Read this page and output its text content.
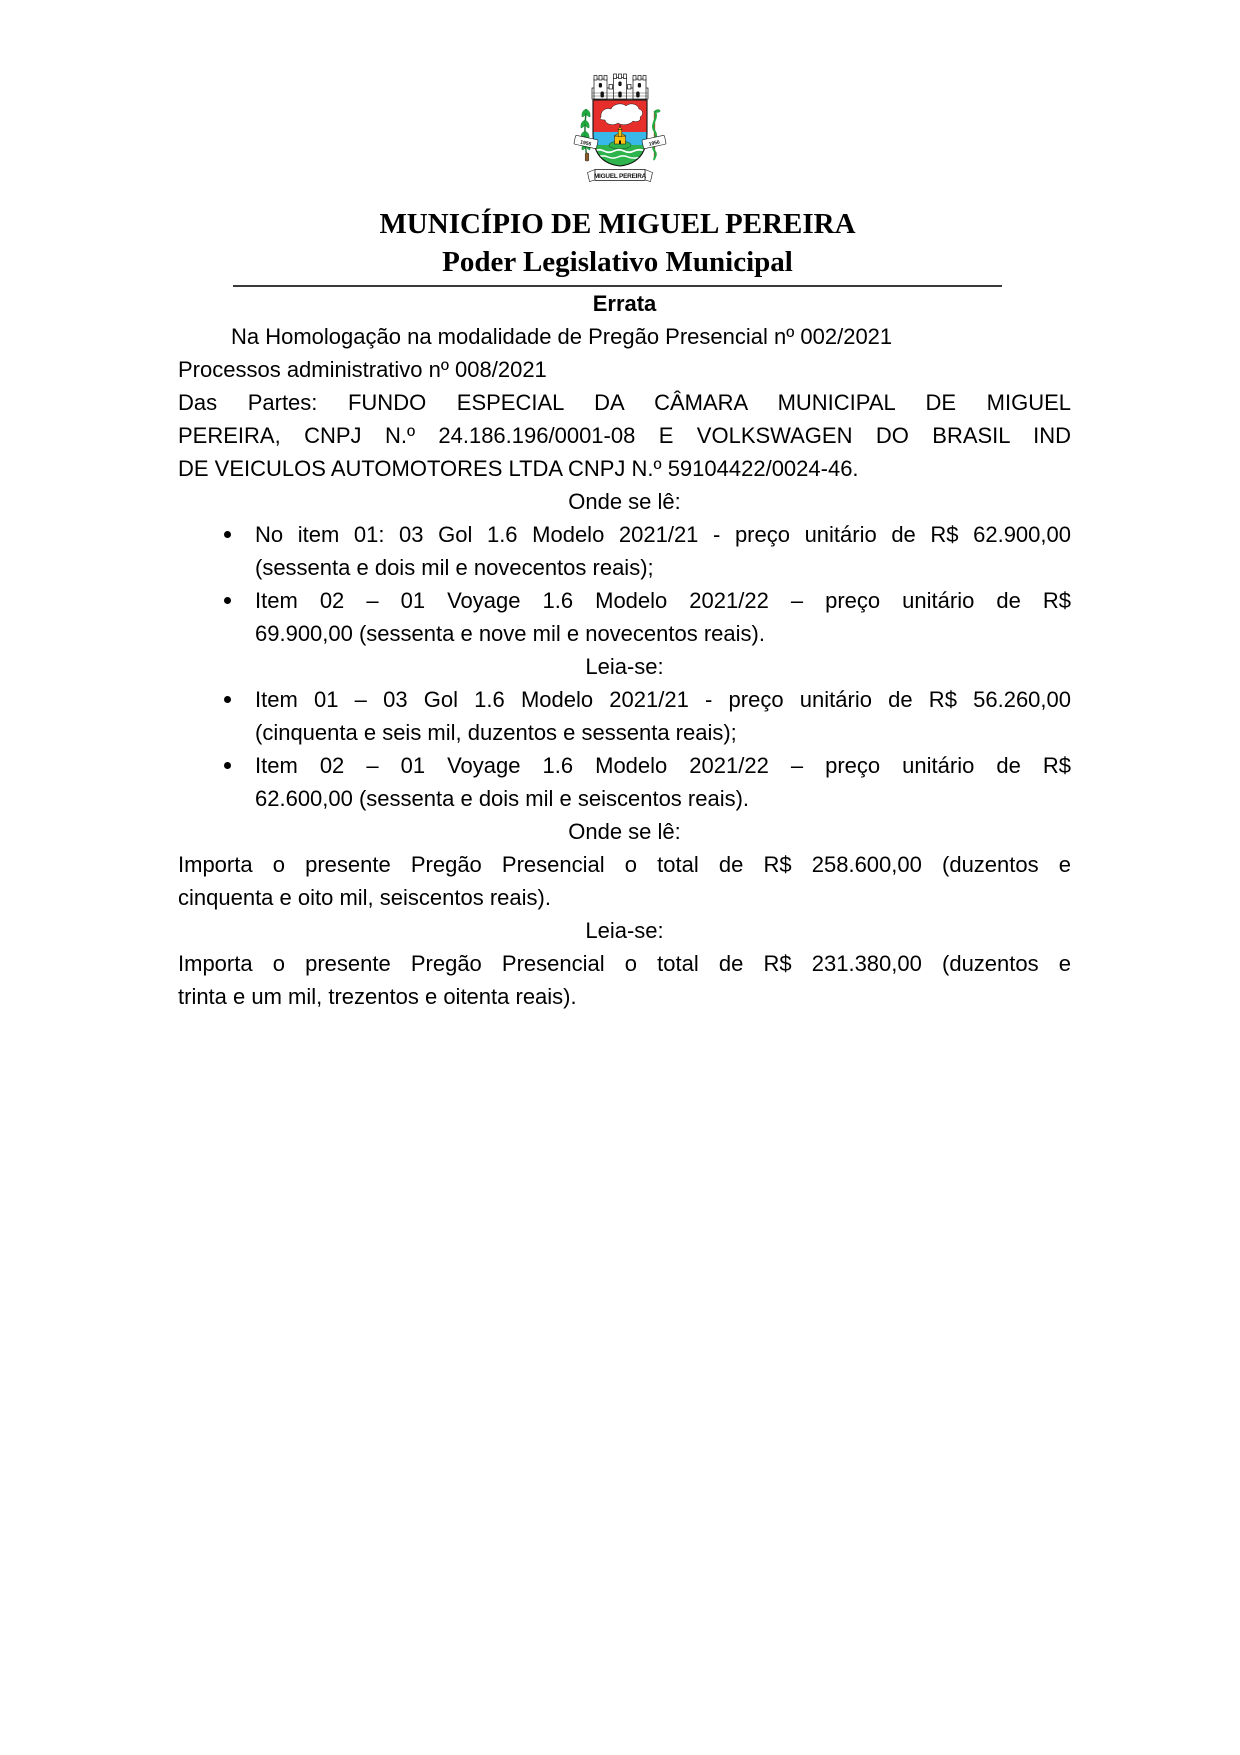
1955	1956
MIGUEL PEREIRA
MUNICÍPIO DE MIGUEL PEREIRA
Poder Legislativo Municipal

Errata

Na Homologação na modalidade de Pregão Presencial nº 002/2021
Processos administrativo nº 008/2021

Das Partes: FUNDO ESPECIAL DA CÂMARA MUNICIPAL DE MIGUEL
PEREIRA, CNPJ N.º 24.186.196/0001-08 E VOLKSWAGEN DO BRASIL IND
DE VEICULOS AUTOMOTORES LTDA CNPJ N.º 59104422/0024-46.

Onde se lê:

No item 01: 03 Gol 1.6 Modelo 2021/21 - preço unitário de R$ 62.900,00
(sessenta e dois mil e novecentos reais);
Item 02 – 01 Voyage 1.6 Modelo 2021/22 – preço unitário de R$
69.900,00 (sessenta e nove mil e novecentos reais).

Leia-se:

Item 01 – 03 Gol 1.6 Modelo 2021/21 - preço unitário de R$ 56.260,00
(cinquenta e seis mil, duzentos e sessenta reais);
Item 02 – 01 Voyage 1.6 Modelo 2021/22 – preço unitário de R$
62.600,00 (sessenta e dois mil e seiscentos reais).

Onde se lê:

Importa o presente Pregão Presencial o total de R$ 258.600,00 (duzentos e
cinquenta e oito mil, seiscentos reais).

Leia-se:

Importa o presente Pregão Presencial o total de R$ 231.380,00 (duzentos e
trinta e um mil, trezentos e oitenta reais).
